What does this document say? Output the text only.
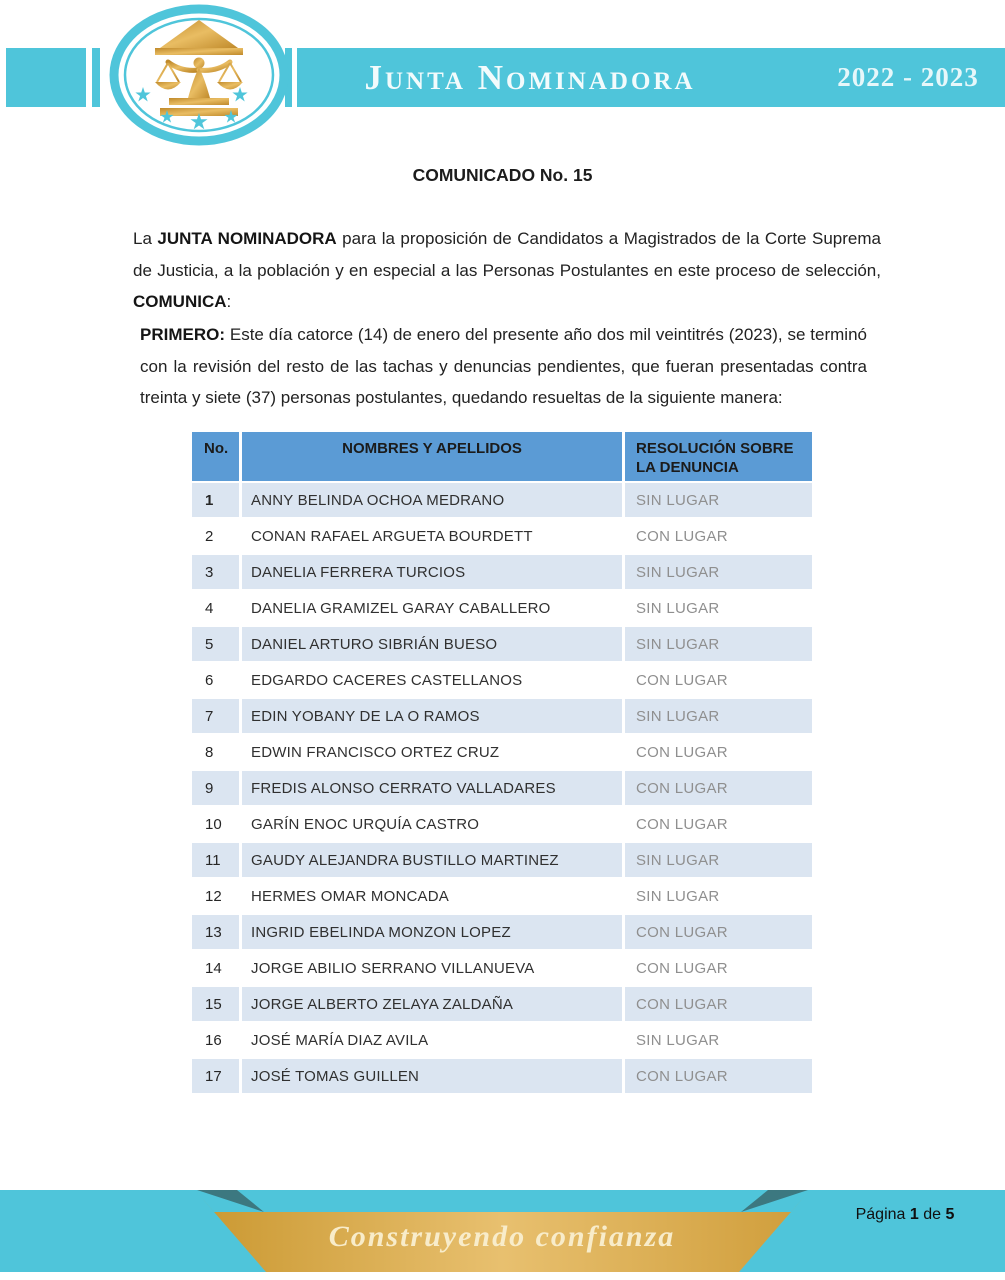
Junta Nominadora	2022 - 2023
COMUNICADO No. 15

La JUNTA NOMINADORA para la proposición de Candidatos a Magistrados de la Corte Suprema de Justicia, a la población y en especial a las Personas Postulantes en este proceso de selección, COMUNICA:

PRIMERO: Este día catorce (14) de enero del presente año dos mil veintitrés (2023), se terminó con la revisión del resto de las tachas y denuncias pendientes, que fueran presentadas contra treinta y siete (37) personas postulantes, quedando resueltas de la siguiente manera:

No.	NOMBRES Y APELLIDOS	RESOLUCIÓN SOBRE LA DENUNCIA
1	ANNY BELINDA OCHOA MEDRANO	SIN LUGAR
2	CONAN RAFAEL ARGUETA BOURDETT	CON LUGAR
3	DANELIA FERRERA TURCIOS	SIN LUGAR
4	DANELIA GRAMIZEL GARAY CABALLERO	SIN LUGAR
5	DANIEL ARTURO SIBRIÁN BUESO	SIN LUGAR
6	EDGARDO CACERES CASTELLANOS	CON LUGAR
7	EDIN YOBANY DE LA O RAMOS	SIN LUGAR
8	EDWIN FRANCISCO ORTEZ CRUZ	CON LUGAR
9	FREDIS ALONSO CERRATO VALLADARES	CON LUGAR
10	GARÍN ENOC URQUÍA CASTRO	CON LUGAR
11	GAUDY ALEJANDRA BUSTILLO MARTINEZ	SIN LUGAR
12	HERMES OMAR MONCADA	SIN LUGAR
13	INGRID EBELINDA MONZON LOPEZ	CON LUGAR
14	JORGE ABILIO SERRANO VILLANUEVA	CON LUGAR
15	JORGE ALBERTO ZELAYA ZALDAÑA	CON LUGAR
16	JOSÉ MARÍA DIAZ AVILA	SIN LUGAR
17	JOSÉ TOMAS GUILLEN	CON LUGAR
Construyendo confianza
Página 1 de 5
